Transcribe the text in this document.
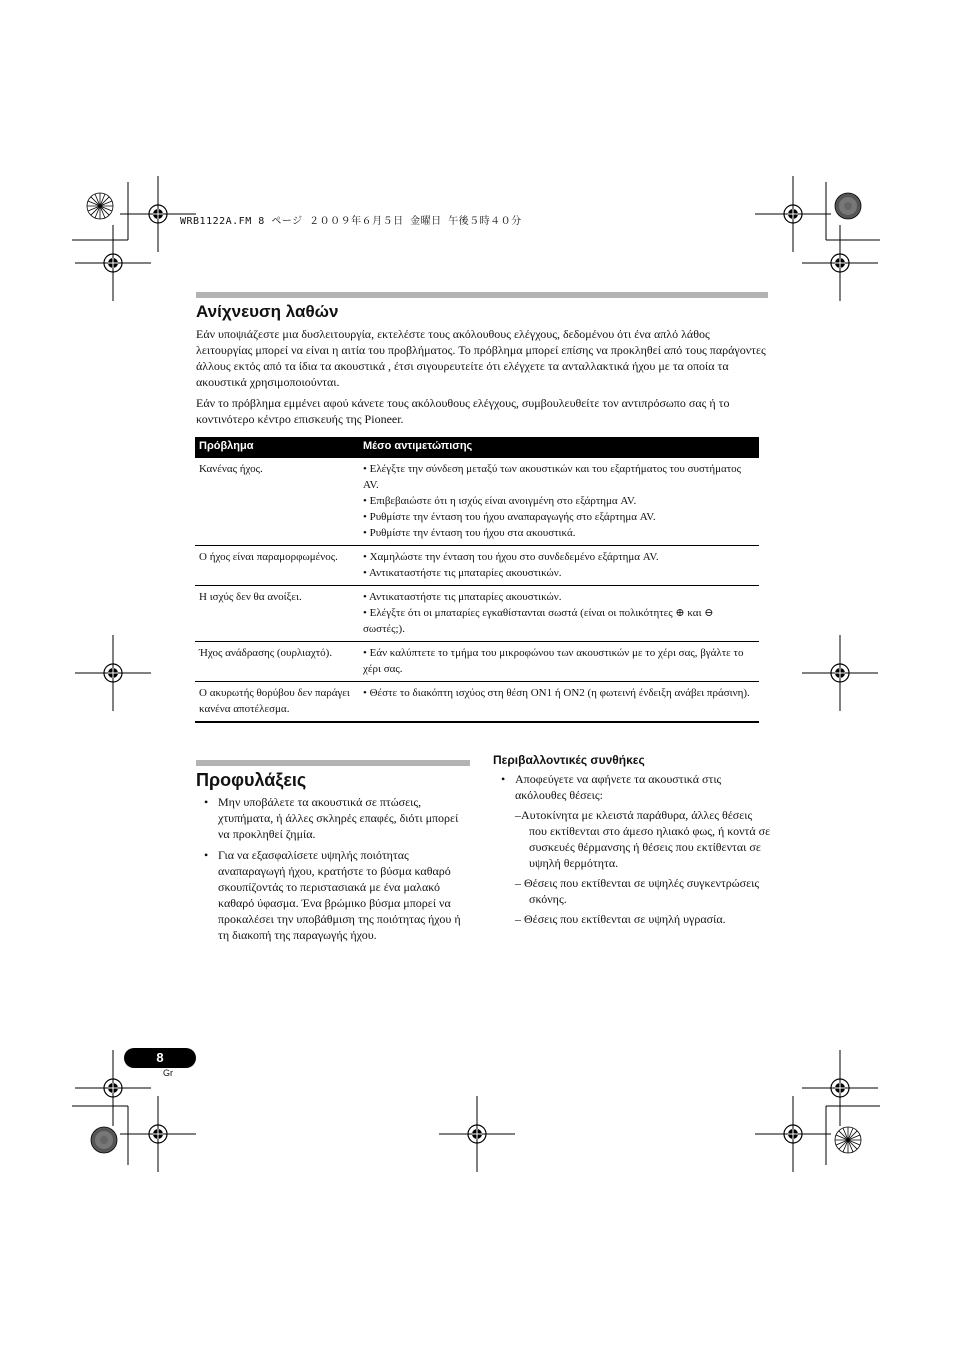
WRB1122A.FM 8 ページ ２００９年６月５日 金曜日 午後５時４０分
Ανίχνευση λαθών

Εάν υποψιάζεστε μια δυσλειτουργία, εκτελέστε τους ακόλουθους ελέγχους, δεδομένου ότι ένα απλό λάθος λειτουργίας μπορεί να είναι η αιτία του προβλήματος. Το πρόβλημα μπορεί επίσης να προκληθεί από τους παράγοντες άλλους εκτός από τα ίδια τα ακουστικά , έτσι σιγουρευτείτε ότι ελέγχετε τα ανταλλακτικά ήχου με τα οποία τα ακουστικά χρησιμοποιούνται.

Εάν το πρόβλημα εμμένει αφού κάνετε τους ακόλουθους ελέγχους, συμβουλευθείτε τον αντιπρόσωπο σας ή το κοντινότερο κέντρο επισκευής της Pioneer.

Πρόβλημα	Μέσο αντιμετώπισης
Κανένας ήχος.	• Ελέγξτε την σύνδεση μεταξύ των ακουστικών και του εξαρτήματος του συστήματος AV.
• Επιβεβαιώστε ότι η ισχύς είναι ανοιγμένη στο εξάρτημα AV.
• Ρυθμίστε την ένταση του ήχου αναπαραγωγής στο εξάρτημα AV.
• Ρυθμίστε την ένταση του ήχου στα ακουστικά.

Ο ήχος είναι παραμορφωμένος.	• Χαμηλώστε την ένταση του ήχου στο συνδεδεμένο εξάρτημα AV.
• Αντικαταστήστε τις μπαταρίες ακουστικών.

Η ισχύς δεν θα ανοίξει.	• Αντικαταστήστε τις μπαταρίες ακουστικών.
• Ελέγξτε ότι οι μπαταρίες εγκαθίστανται σωστά (είναι οι πολικότητες ⊕ και ⊖ σωστές;).

Ήχος ανάδρασης (ουρλιαχτό).	• Εάν καλύπτετε το τμήμα του μικροφώνου των ακουστικών με το χέρι σας, βγάλτε το χέρι σας.

Ο ακυρωτής θορύβου δεν παράγει κανένα αποτέλεσμα.	• Θέστε το διακόπτη ισχύος στη θέση ON1 ή ON2 (η φωτεινή ένδειξη ανάβει πράσινη).
Προφυλάξεις
• Μην υποβάλετε τα ακουστικά σε πτώσεις, χτυπήματα, ή άλλες σκληρές επαφές, διότι μπορεί να προκληθεί ζημία.
• Για να εξασφαλίσετε υψηλής ποιότητας αναπαραγωγή ήχου, κρατήστε το βύσμα καθαρό σκουπίζοντάς το περιστασιακά με ένα μαλακό καθαρό ύφασμα. Ένα βρώμικο βύσμα μπορεί να προκαλέσει την υποβάθμιση της ποιότητας ήχου ή τη διακοπή της παραγωγής ήχου.
Περιβαλλοντικές συνθήκες
• Αποφεύγετε να αφήνετε τα ακουστικά στις ακόλουθες θέσεις:
–Αυτοκίνητα με κλειστά παράθυρα, άλλες θέσεις που εκτίθενται στο άμεσο ηλιακό φως, ή κοντά σε συσκευές θέρμανσης ή θέσεις που εκτίθενται σε υψηλή θερμότητα.
– Θέσεις που εκτίθενται σε υψηλές συγκεντρώσεις σκόνης.
– Θέσεις που εκτίθενται σε υψηλή υγρασία.
8
Gr
